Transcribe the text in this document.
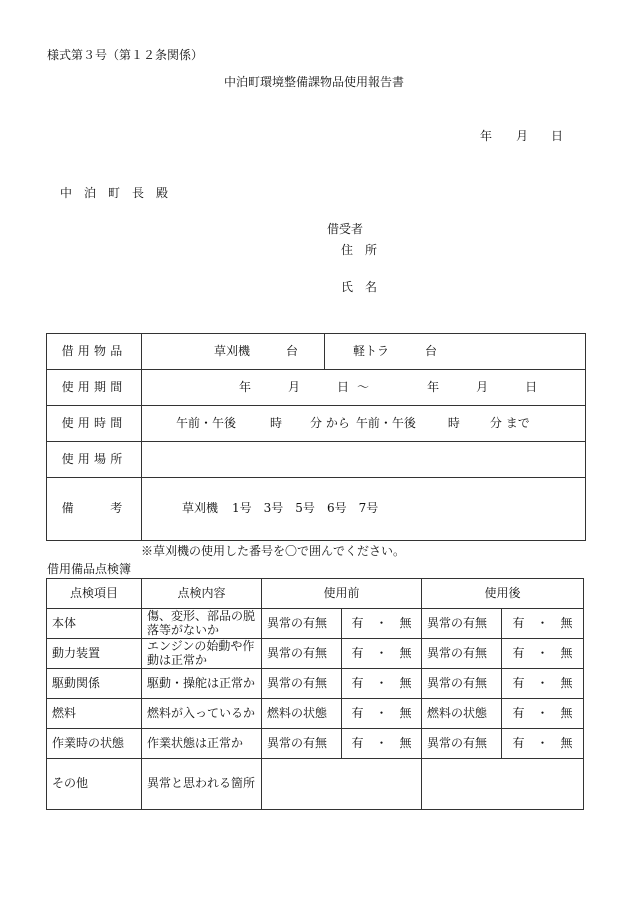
様式第３号（第１２条関係）
中泊町環境整備課物品使用報告書
年 月 日
中　泊　町　長　殿
借受者
住　所
氏　名
借用物品	草刈機 台	軽トラ 台
使用期間	年 月 日 ～ 年 月 日	
使用時間	午前・午後 時 分 から 午前・午後 時 分 まで	
使用場所		
備　　考	草刈機 1号 3号 5号 6号 7号	
※草刈機の使用した番号を〇で囲んでください。
借用備品点検簿
点検項目	点検内容	使用前		使用後	
本体	傷、変形、部品の脱落等がないか	異常の有無	有　・　無	異常の有無	有　・　無
動力装置	エンジンの始動や作動は正常か	異常の有無	有　・　無	異常の有無	有　・　無
駆動関係	駆動・操舵は正常か	異常の有無	有　・　無	異常の有無	有　・　無
燃料	燃料が入っているか	燃料の状態	有　・　無	燃料の状態	有　・　無
作業時の状態	作業状態は正常か	異常の有無	有　・　無	異常の有無	有　・　無
その他	異常と思われる箇所				
